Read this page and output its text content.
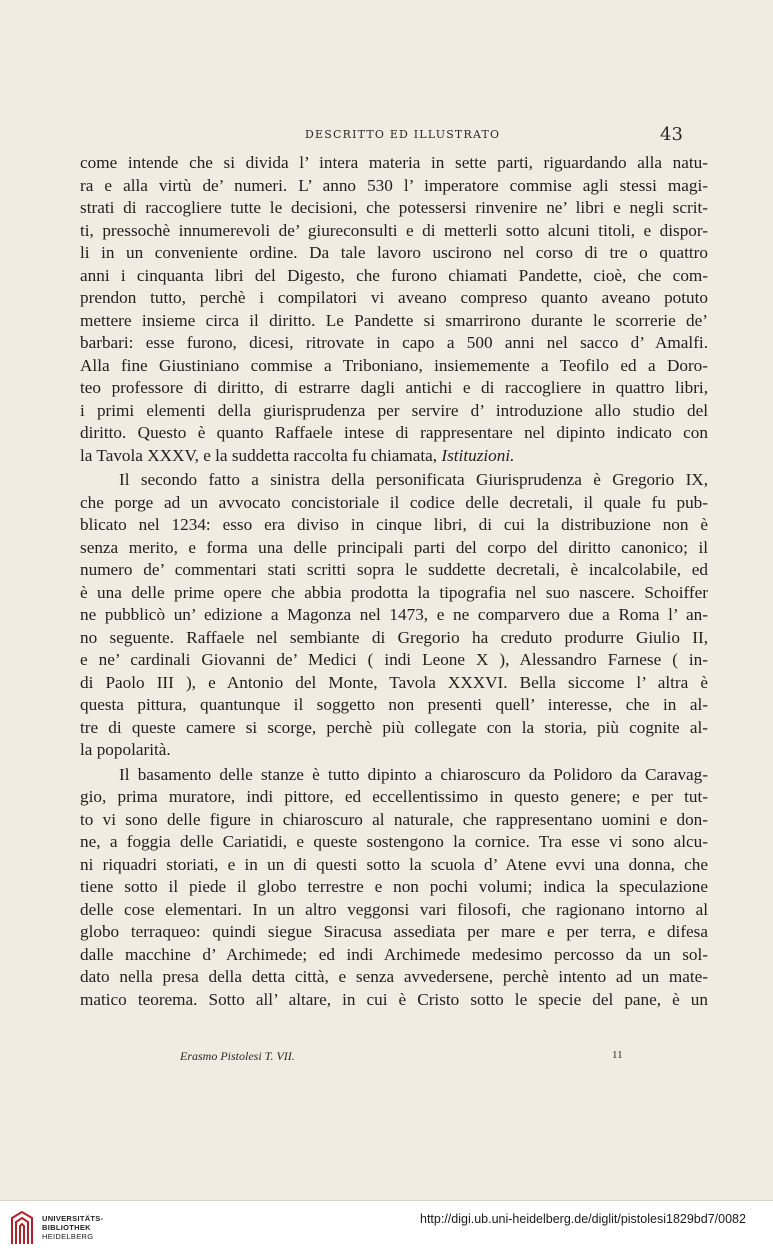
DESCRITTO ED ILLUSTRATO	43
come intende che si divida l’ intera materia in sette parti, riguardando alla natu-
ra e alla virtù de’ numeri. L’ anno 530 l’ imperatore commise agli stessi magi-
strati di raccogliere tutte le decisioni, che potessersi rinvenire ne’ libri e negli scrit-
ti, pressochè innumerevoli de’ giureconsulti e di metterli sotto alcuni titoli, e dispor-
li in un conveniente ordine. Da tale lavoro uscirono nel corso di tre o quattro
anni i cinquanta libri del Digesto, che furono chiamati Pandette, cioè, che com-
prendon tutto, perchè i compilatori vi aveano compreso quanto aveano potuto
mettere insieme circa il diritto. Le Pandette si smarrirono durante le scorrerie de’
barbari: esse furono, dicesi, ritrovate in capo a 500 anni nel sacco d’ Amalfi.
Alla fine Giustiniano commise a Triboniano, insiememente a Teofilo ed a Doro-
teo professore di diritto, di estrarre dagli antichi e di raccogliere in quattro libri,
i primi elementi della giurisprudenza per servire d’ introduzione allo studio del
diritto. Questo è quanto Raffaele intese di rappresentare nel dipinto indicato con
la Tavola XXXV, e la suddetta raccolta fu chiamata, Istituzioni.
Il secondo fatto a sinistra della personificata Giurisprudenza è Gregorio IX,
che porge ad un avvocato concistoriale il codice delle decretali, il quale fu pub-
blicato nel 1234: esso era diviso in cinque libri, di cui la distribuzione non è
senza merito, e forma una delle principali parti del corpo del diritto canonico; il
numero de’ commentari stati scritti sopra le suddette decretali, è incalcolabile, ed
è una delle prime opere che abbia prodotta la tipografia nel suo nascere. Schoiffer
ne pubblicò un’ edizione a Magonza nel 1473, e ne comparvero due a Roma l’ an-
no seguente. Raffaele nel sembiante di Gregorio ha creduto produrre Giulio II,
e ne’ cardinali Giovanni de’ Medici ( indi Leone X ), Alessandro Farnese ( in-
di Paolo III ), e Antonio del Monte, Tavola XXXVI. Bella siccome l’ altra è
questa pittura, quantunque il soggetto non presenti quell’ interesse, che in al-
tre di queste camere si scorge, perchè più collegate con la storia, più cognite al-
la popolarità.
Il basamento delle stanze è tutto dipinto a chiaroscuro da Polidoro da Caravag-
gio, prima muratore, indi pittore, ed eccellentissimo in questo genere; e per tut-
to vi sono delle figure in chiaroscuro al naturale, che rappresentano uomini e don-
ne, a foggia delle Cariatidi, e queste sostengono la cornice. Tra esse vi sono alcu-
ni riquadri storiati, e in un di questi sotto la scuola d’ Atene evvi una donna, che
tiene sotto il piede il globo terrestre e non pochi volumi; indica la speculazione
delle cose elementari. In un altro veggonsi vari filosofi, che ragionano intorno al
globo terraqueo: quindi siegue Siracusa assediata per mare e per terra, e difesa
dalle macchine d’ Archimede; ed indi Archimede medesimo percosso da un sol-
dato nella presa della detta città, e senza avvedersene, perchè intento ad un mate-
matico teorema. Sotto all’ altare, in cui è Cristo sotto le specie del pane, è un
Erasmo Pistolesi T. VII.	11
UNIVERSITÄTS-
BIBLIOTHEK
HEIDELBERG
http://digi.ub.uni-heidelberg.de/diglit/pistolesi1829bd7/0082
